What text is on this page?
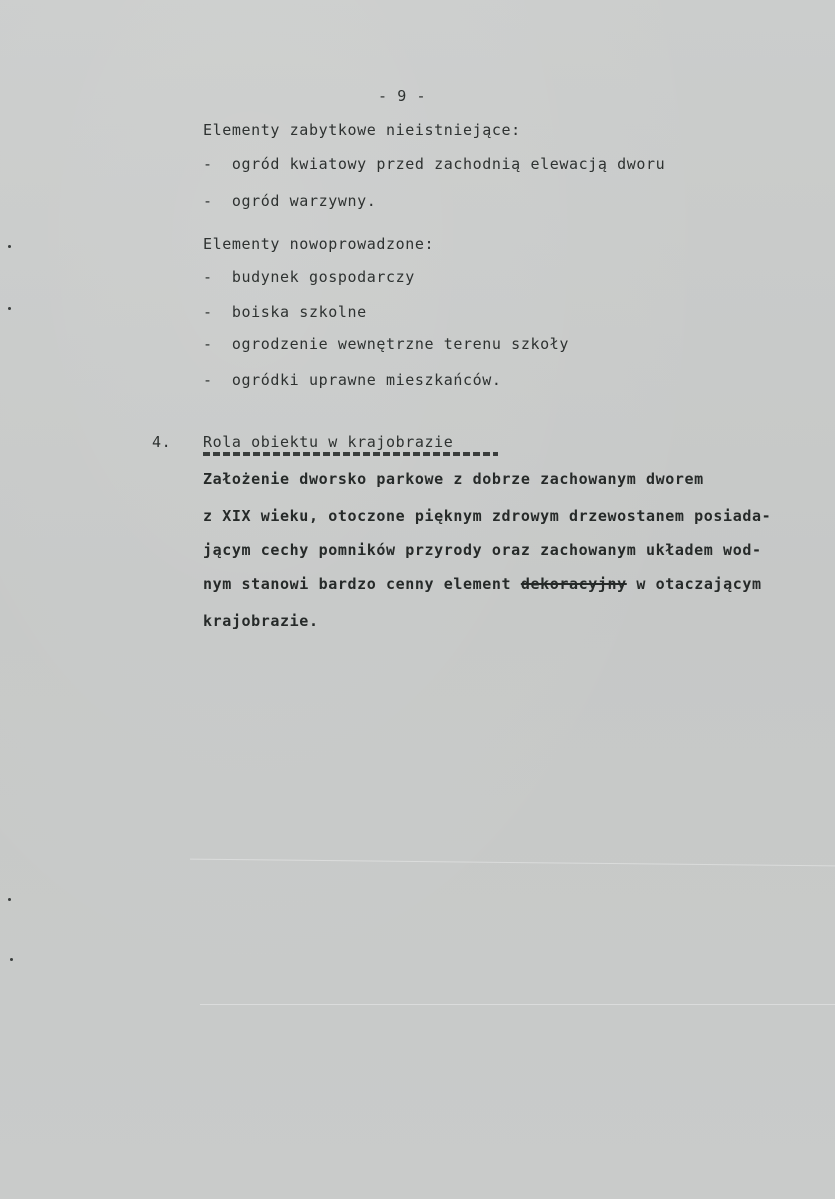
- 9 -
Elementy zabytkowe nieistniejące:
-  ogród kwiatowy przed zachodnią elewacją dworu
-  ogród warzywny.
Elementy nowoprowadzone:
-  budynek gospodarczy
-  boiska szkolne
-  ogrodzenie wewnętrzne terenu szkoły
-  ogródki uprawne mieszkańców.
4. Rola obiektu w krajobrazie
Założenie dworsko parkowe z dobrze zachowanym dworem
z XIX wieku, otoczone pięknym zdrowym drzewostanem posiada-
jącym cechy pomników przyrody oraz zachowanym układem wod-
nym stanowi bardzo cenny element dekoracyjny w otaczającym
krajobrazie.
